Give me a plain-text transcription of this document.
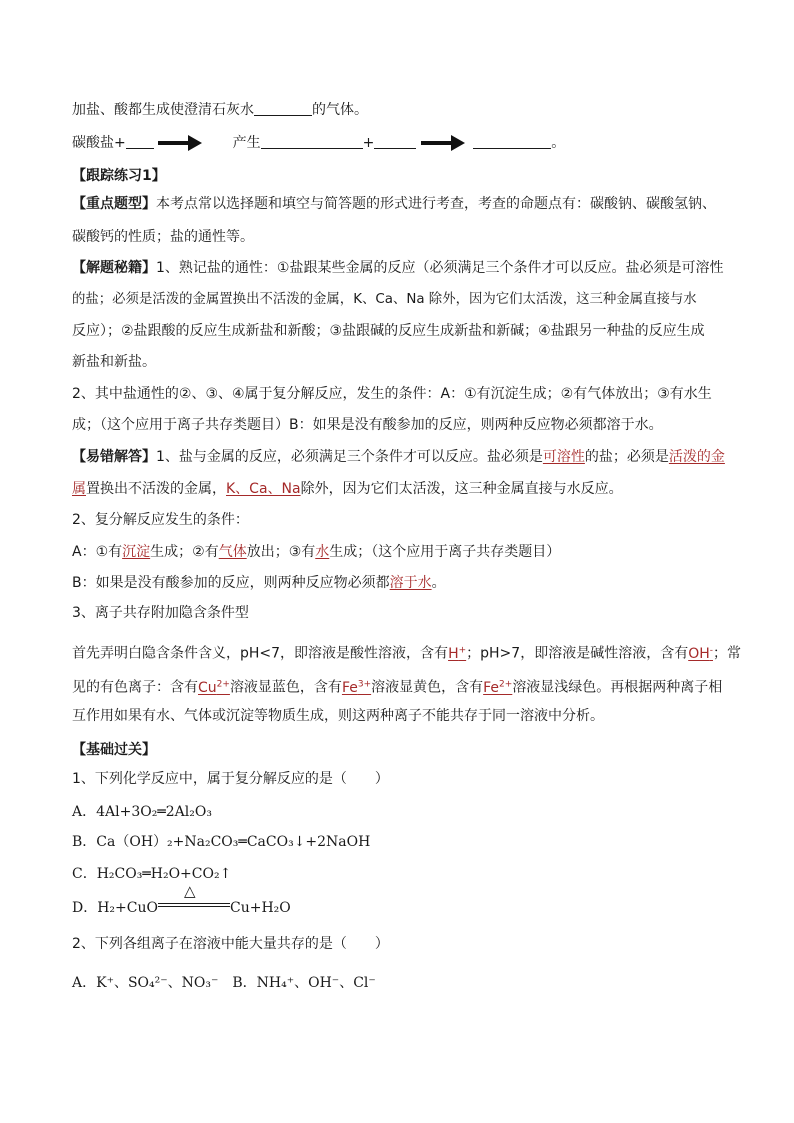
加盐、酸都生成使澄清石灰水	的气体。
碳酸盐+	产生	+	。
【跟踪练习1】
【重点题型】本考点常以选择题和填空与简答题的形式进行考查，考查的命题点有：碳酸钠、碳酸氢钠、
碳酸钙的性质；盐的通性等。
【解题秘籍】1、熟记盐的通性：①盐跟某些金属的反应（必须满足三个条件才可以反应。盐必须是可溶性
的盐；必须是活泼的金属置换出不活泼的金属，K、Ca、Na 除外，因为它们太活泼，这三种金属直接与水
反应）；②盐跟酸的反应生成新盐和新酸；③盐跟碱的反应生成新盐和新碱；④盐跟另一种盐的反应生成
新盐和新盐。
2、其中盐通性的②、③、④属于复分解反应，发生的条件：A：①有沉淀生成；②有气体放出；③有水生
成；（这个应用于离子共存类题目）B：如果是没有酸参加的反应，则两种反应物必须都溶于水。
【易错解答】1、盐与金属的反应，必须满足三个条件才可以反应。盐必须是可溶性的盐；必须是活泼的金
属置换出不活泼的金属，K、Ca、Na除外，因为它们太活泼，这三种金属直接与水反应。
2、复分解反应发生的条件：
A：①有沉淀生成；②有气体放出；③有水生成；（这个应用于离子共存类题目）
B：如果是没有酸参加的反应，则两种反应物必须都溶于水。
3、离子共存附加隐含条件型
首先弄明白隐含条件含义，pH<7，即溶液是酸性溶液，含有H+；pH>7，即溶液是碱性溶液，含有OH-；常
见的有色离子：含有$Cu^{2+}$溶液显蓝色，含有$Fe^{3+}$溶液显黄色，含有$Fe^{2+}$溶液显浅绿色。再根据两种离子相
互作用如果有水、气体或沉淀等物质生成，则这两种离子不能共存于同一溶液中分析。
【基础过关】
1、下列化学反应中，属于复分解反应的是（　　）
A．4Al+3O₂═2Al₂O₃
B．Ca（OH）₂+Na₂CO₃═CaCO₃↓+2NaOH
C．H₂CO₃═H₂O+CO₂↑
D．H₂+CuO
△
Cu+H₂O
2、下列各组离子在溶液中能大量共存的是（　　）
A．K⁺、SO₄²⁻、NO₃⁻　B．NH₄⁺、OH⁻、Cl⁻
